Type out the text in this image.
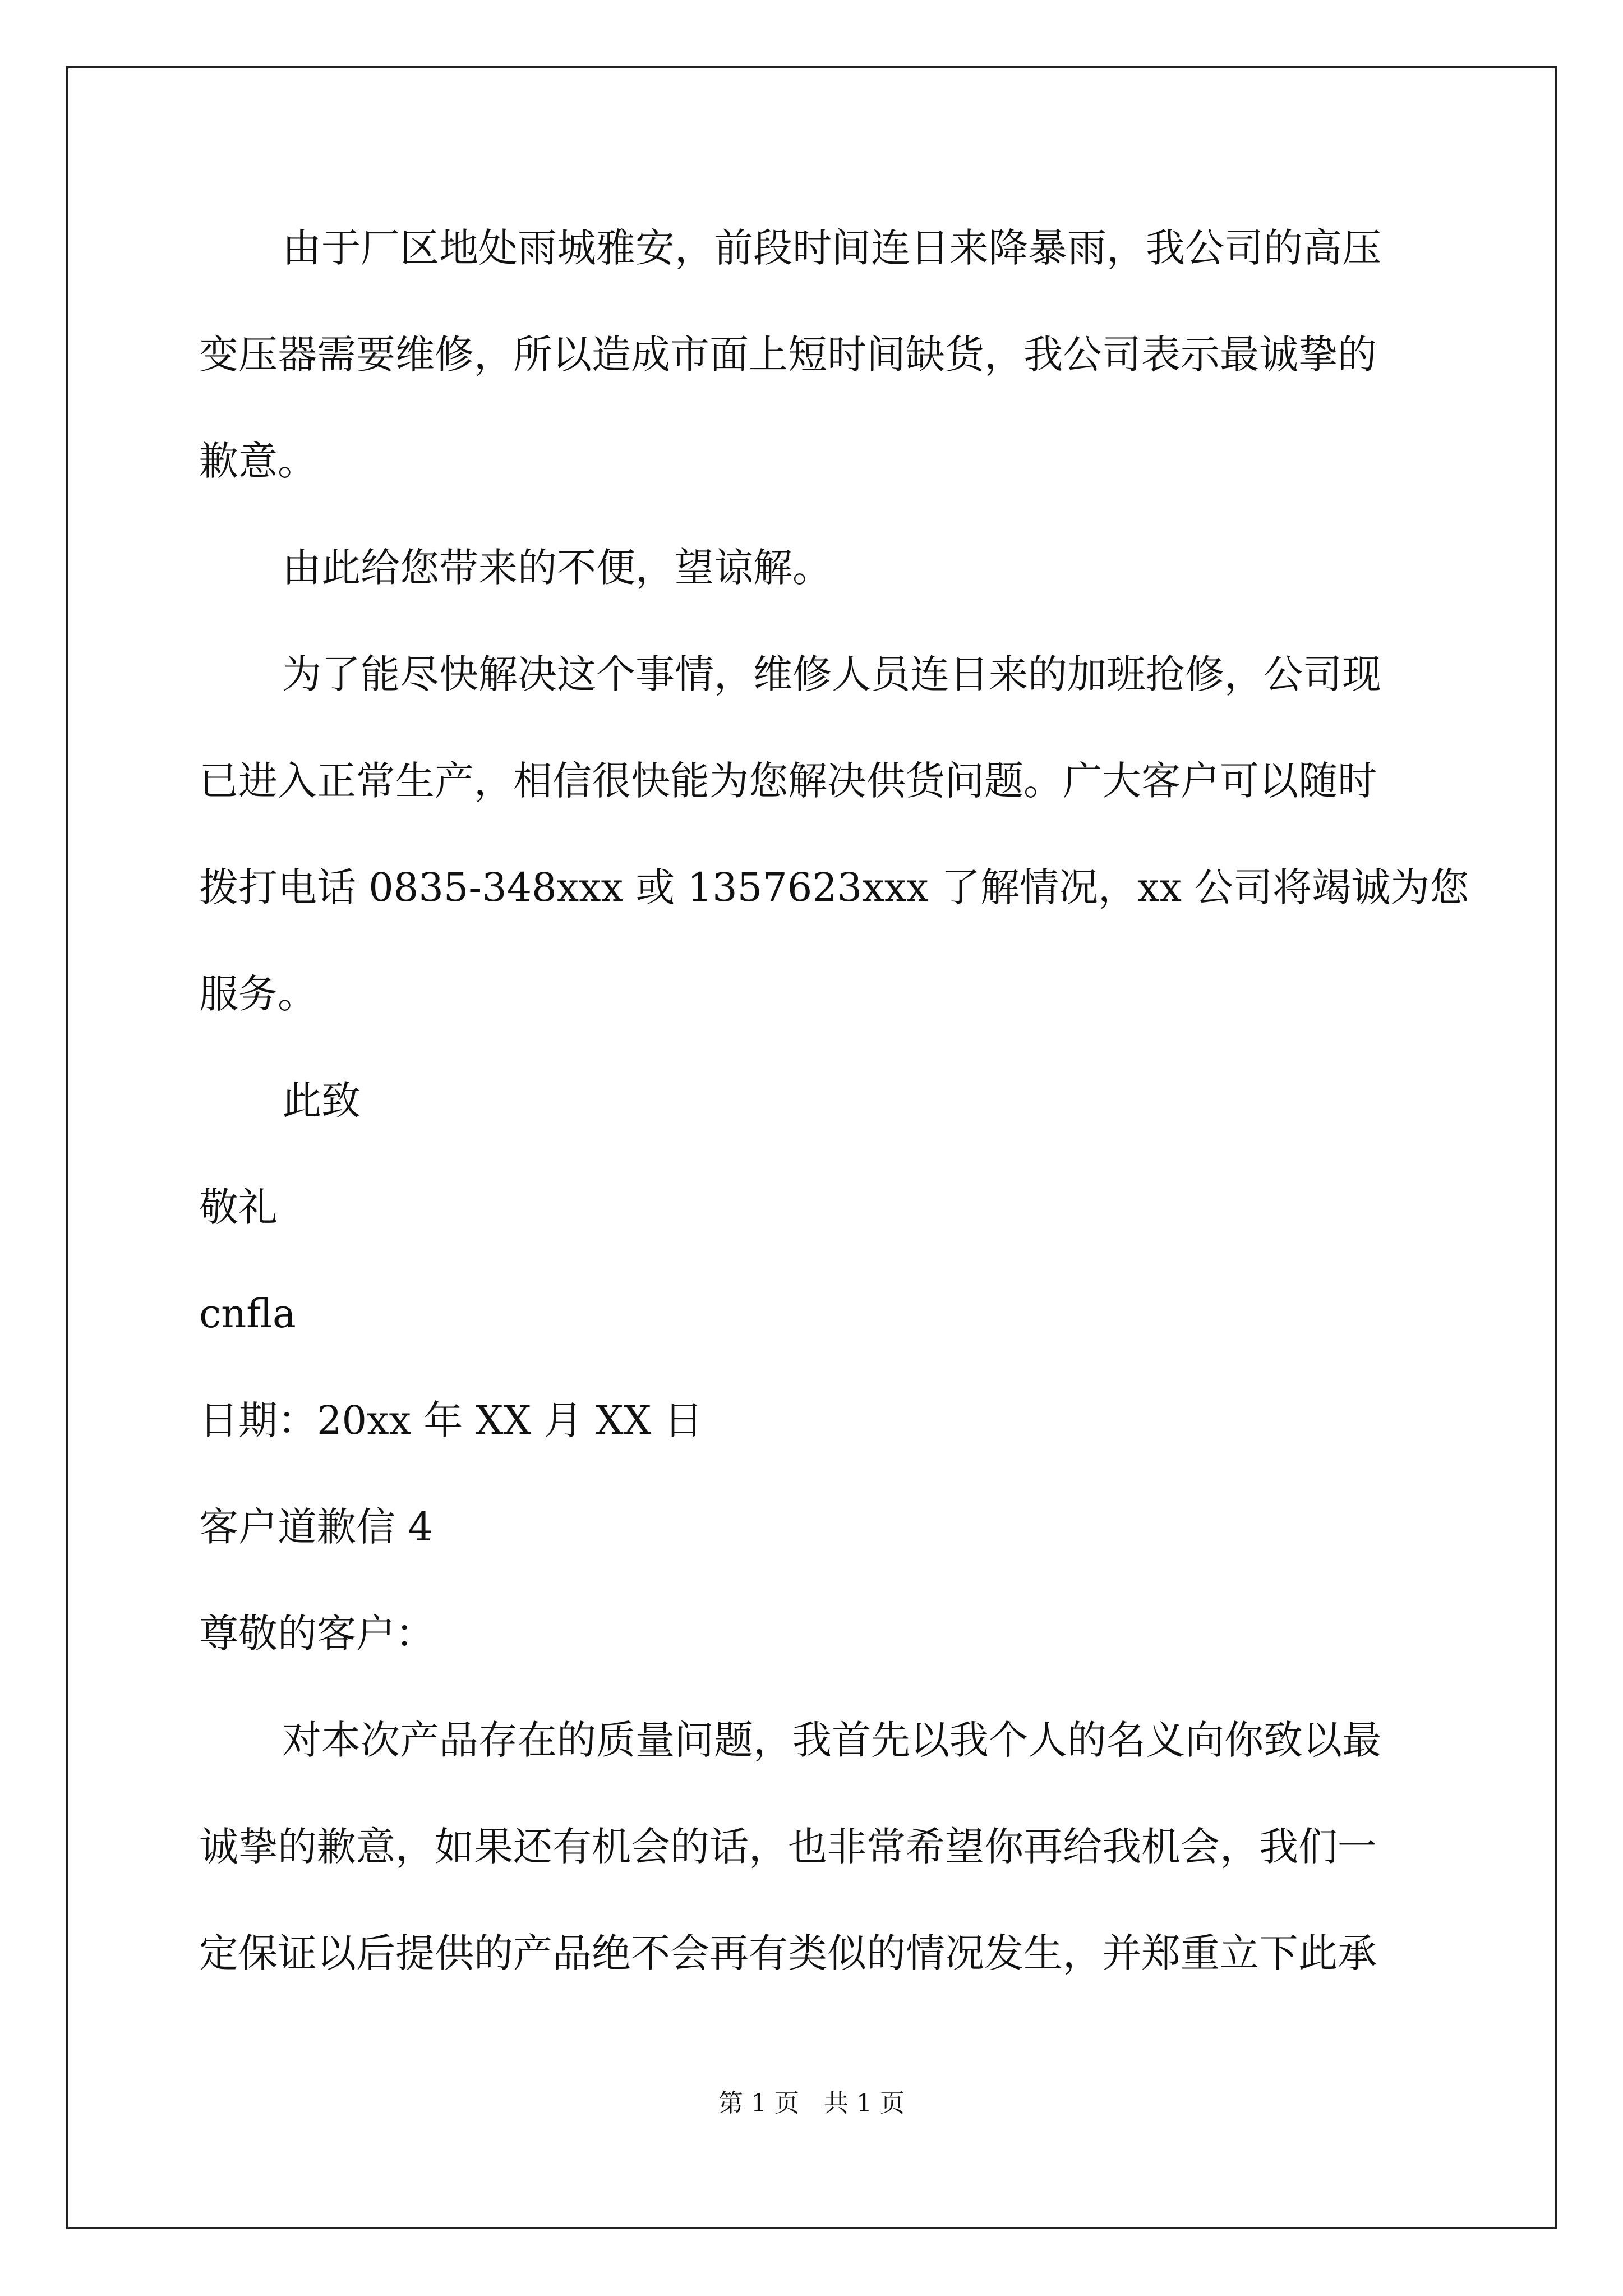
由于厂区地处雨城雅安，前段时间连日来降暴雨，我公司的高压
变压器需要维修，所以造成市面上短时间缺货，我公司表示最诚挚的
歉意。
由此给您带来的不便，望谅解。
为了能尽快解决这个事情，维修人员连日来的加班抢修，公司现
已进入正常生产，相信很快能为您解决供货问题。广大客户可以随时
拨打电话 0835-348xxx 或 1357623xxx 了解情况，xx 公司将竭诚为您
服务。
此致
敬礼
cnfla
日期：20xx 年 XX 月 XX 日
客户道歉信 4
尊敬的客户：
对本次产品存在的质量问题，我首先以我个人的名义向你致以最
诚挚的歉意，如果还有机会的话，也非常希望你再给我机会，我们一
定保证以后提供的产品绝不会再有类似的情况发生，并郑重立下此承
第 1 页　共 1 页
